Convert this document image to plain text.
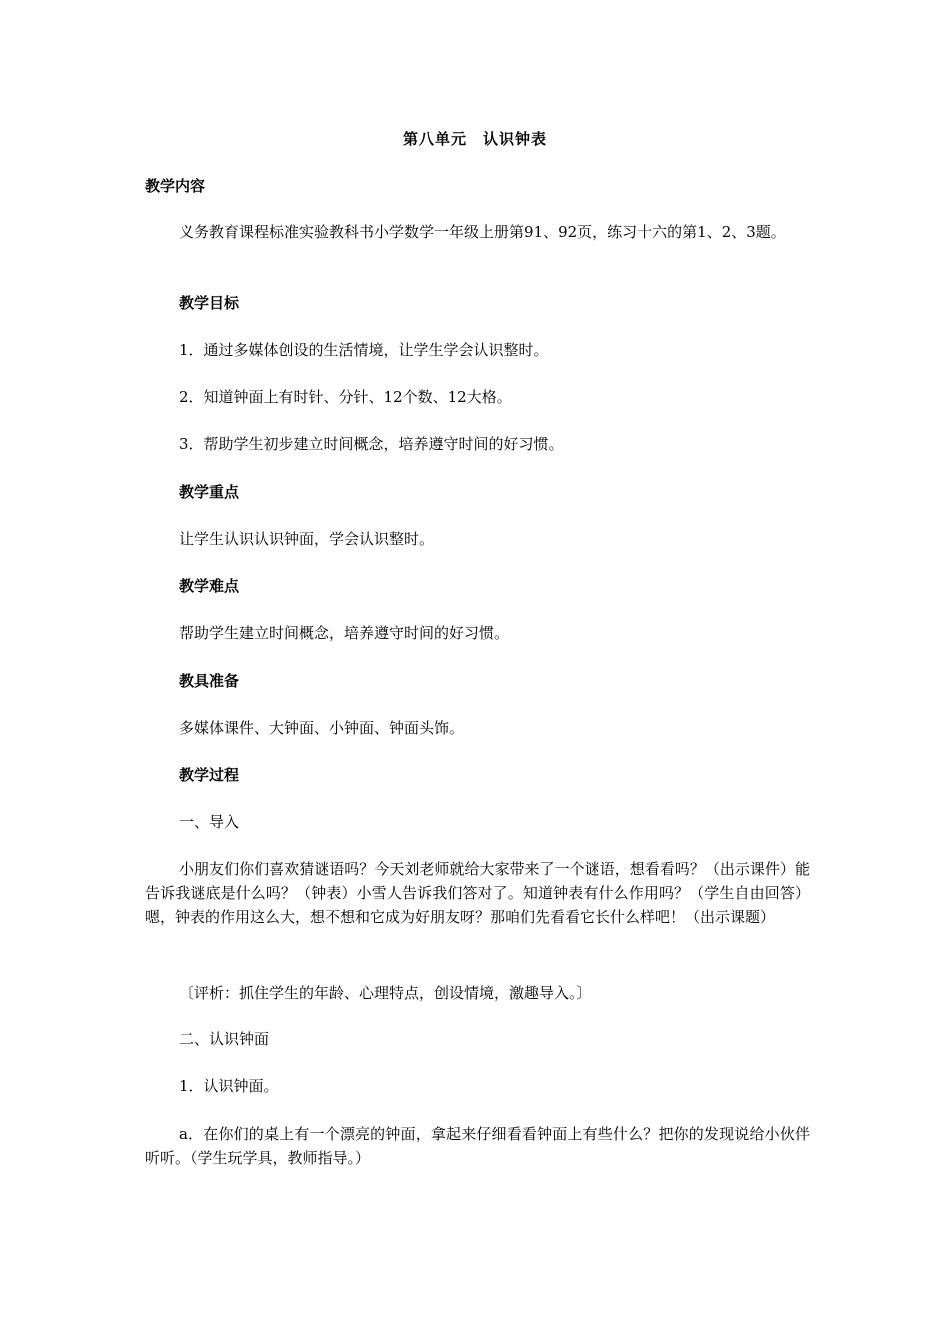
第八单元　认识钟表
教学内容
义务教育课程标准实验教科书小学数学一年级上册第91、92页，练习十六的第1、2、3题。
教学目标
1．通过多媒体创设的生活情境，让学生学会认识整时。
2．知道钟面上有时针、分针、12个数、12大格。
3．帮助学生初步建立时间概念，培养遵守时间的好习惯。
教学重点
让学生认识认识钟面，学会认识整时。
教学难点
帮助学生建立时间概念，培养遵守时间的好习惯。
教具准备
多媒体课件、大钟面、小钟面、钟面头饰。
教学过程
一、导入
小朋友们你们喜欢猜谜语吗？今天刘老师就给大家带来了一个谜语，想看看吗？（出示课件）能告诉我谜底是什么吗？（钟表）小雪人告诉我们答对了。知道钟表有什么作用吗？（学生自由回答）嗯，钟表的作用这么大，想不想和它成为好朋友呀？那咱们先看看它长什么样吧！（出示课题）
〔评析：抓住学生的年龄、心理特点，创设情境，激趣导入。〕
二、认识钟面
1．认识钟面。
a．在你们的桌上有一个漂亮的钟面，拿起来仔细看看钟面上有些什么？把你的发现说给小伙伴听听。（学生玩学具，教师指导。）
